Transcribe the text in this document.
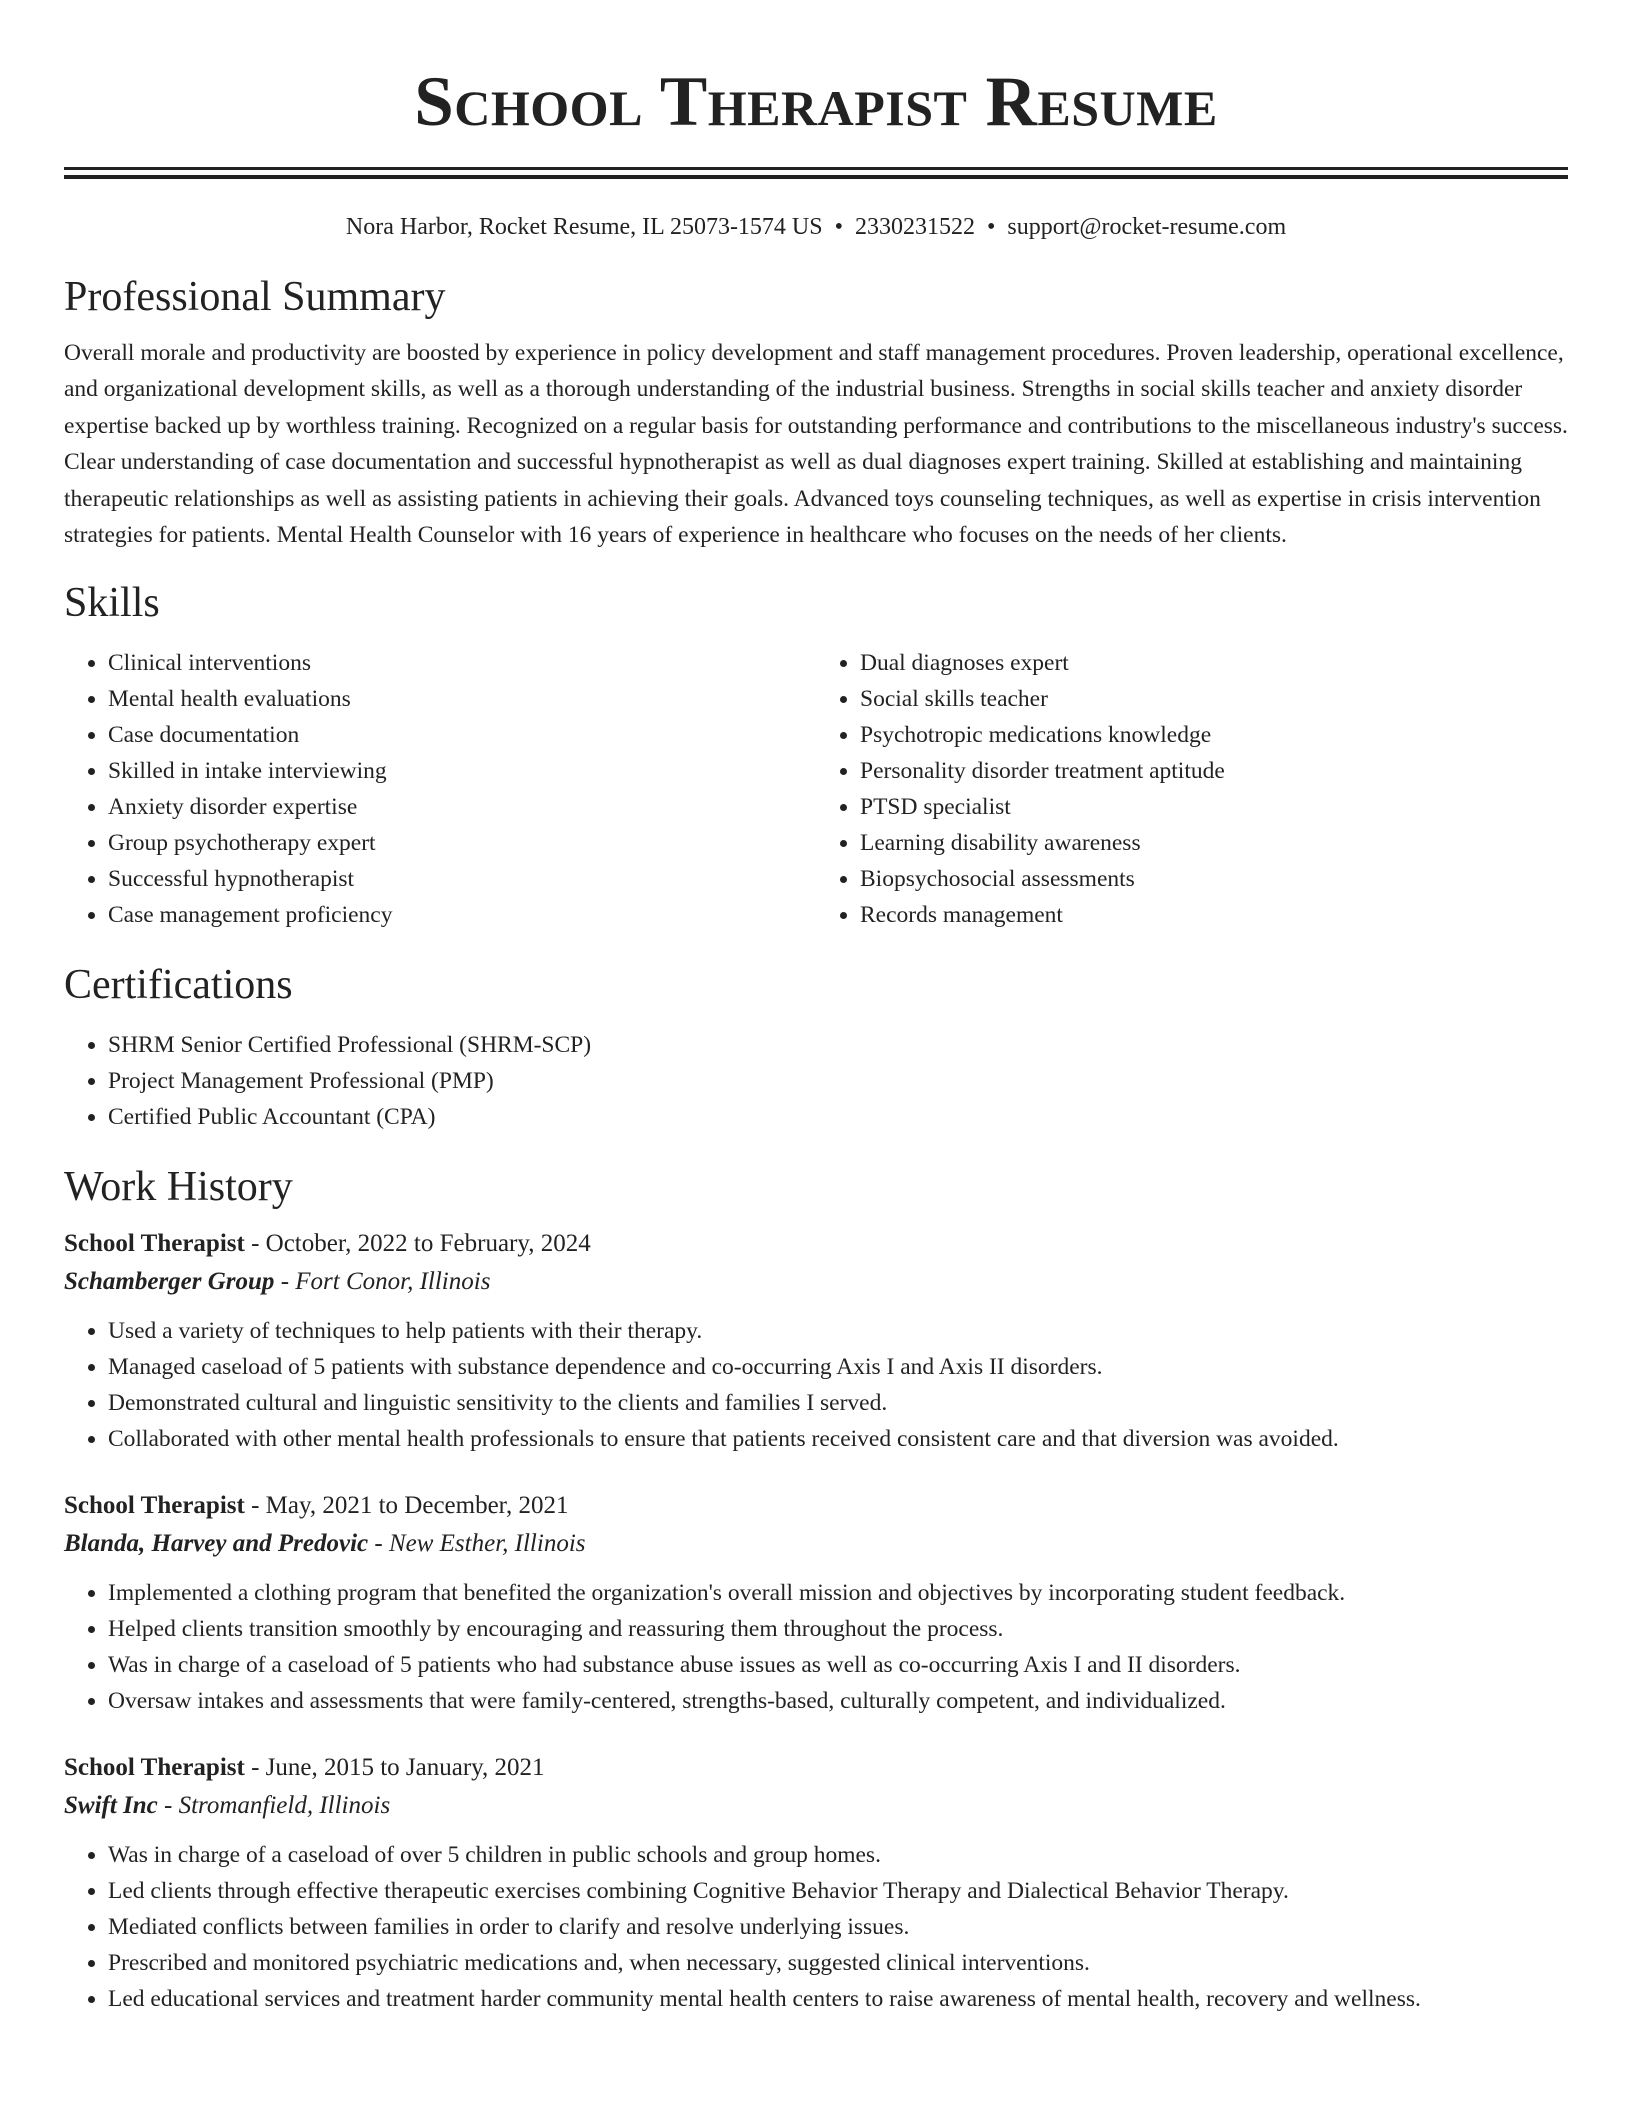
School Therapist Resume
Nora Harbor, Rocket Resume, IL 25073-1574 US • 2330231522 • support@rocket-resume.com
Professional Summary
Overall morale and productivity are boosted by experience in policy development and staff management procedures. Proven leadership, operational excellence, and organizational development skills, as well as a thorough understanding of the industrial business. Strengths in social skills teacher and anxiety disorder expertise backed up by worthless training. Recognized on a regular basis for outstanding performance and contributions to the miscellaneous industry's success. Clear understanding of case documentation and successful hypnotherapist as well as dual diagnoses expert training. Skilled at establishing and maintaining therapeutic relationships as well as assisting patients in achieving their goals. Advanced toys counseling techniques, as well as expertise in crisis intervention strategies for patients. Mental Health Counselor with 16 years of experience in healthcare who focuses on the needs of her clients.
Skills
• Clinical interventions
• Mental health evaluations
• Case documentation
• Skilled in intake interviewing
• Anxiety disorder expertise
• Group psychotherapy expert
• Successful hypnotherapist
• Case management proficiency
• Dual diagnoses expert
• Social skills teacher
• Psychotropic medications knowledge
• Personality disorder treatment aptitude
• PTSD specialist
• Learning disability awareness
• Biopsychosocial assessments
• Records management
Certifications
• SHRM Senior Certified Professional (SHRM-SCP)
• Project Management Professional (PMP)
• Certified Public Accountant (CPA)
Work History
School Therapist - October, 2022 to February, 2024
Schamberger Group - Fort Conor, Illinois
• Used a variety of techniques to help patients with their therapy.
• Managed caseload of 5 patients with substance dependence and co-occurring Axis I and Axis II disorders.
• Demonstrated cultural and linguistic sensitivity to the clients and families I served.
• Collaborated with other mental health professionals to ensure that patients received consistent care and that diversion was avoided.
School Therapist - May, 2021 to December, 2021
Blanda, Harvey and Predovic - New Esther, Illinois
• Implemented a clothing program that benefited the organization's overall mission and objectives by incorporating student feedback.
• Helped clients transition smoothly by encouraging and reassuring them throughout the process.
• Was in charge of a caseload of 5 patients who had substance abuse issues as well as co-occurring Axis I and II disorders.
• Oversaw intakes and assessments that were family-centered, strengths-based, culturally competent, and individualized.
School Therapist - June, 2015 to January, 2021
Swift Inc - Stromanfield, Illinois
• Was in charge of a caseload of over 5 children in public schools and group homes.
• Led clients through effective therapeutic exercises combining Cognitive Behavior Therapy and Dialectical Behavior Therapy.
• Mediated conflicts between families in order to clarify and resolve underlying issues.
• Prescribed and monitored psychiatric medications and, when necessary, suggested clinical interventions.
• Led educational services and treatment harder community mental health centers to raise awareness of mental health, recovery and wellness.
